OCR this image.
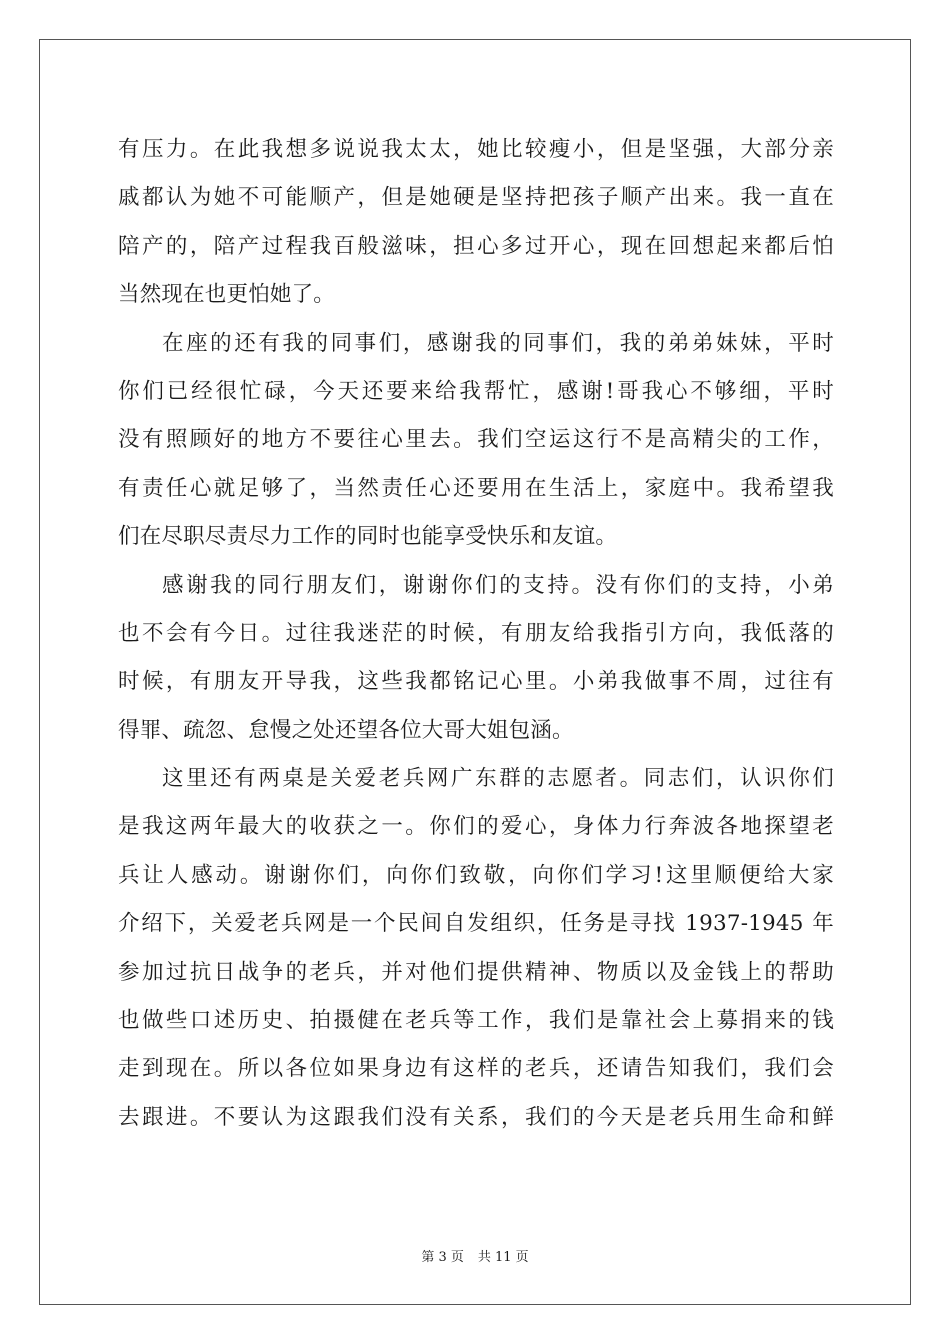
有压力。在此我想多说说我太太，她比较瘦小，但是坚强，大部分亲
戚都认为她不可能顺产，但是她硬是坚持把孩子顺产出来。我一直在
陪产的，陪产过程我百般滋味，担心多过开心，现在回想起来都后怕
当然现在也更怕她了。
在座的还有我的同事们，感谢我的同事们，我的弟弟妹妹，平时
你们已经很忙碌，今天还要来给我帮忙，感谢!哥我心不够细，平时
没有照顾好的地方不要往心里去。我们空运这行不是高精尖的工作，
有责任心就足够了，当然责任心还要用在生活上，家庭中。我希望我
们在尽职尽责尽力工作的同时也能享受快乐和友谊。
感谢我的同行朋友们，谢谢你们的支持。没有你们的支持，小弟
也不会有今日。过往我迷茫的时候，有朋友给我指引方向，我低落的
时候，有朋友开导我，这些我都铭记心里。小弟我做事不周，过往有
得罪、疏忽、怠慢之处还望各位大哥大姐包涵。
这里还有两桌是关爱老兵网广东群的志愿者。同志们，认识你们
是我这两年最大的收获之一。你们的爱心，身体力行奔波各地探望老
兵让人感动。谢谢你们，向你们致敬，向你们学习!这里顺便给大家
介绍下，关爱老兵网是一个民间自发组织，任务是寻找 1937-1945 年
参加过抗日战争的老兵，并对他们提供精神、物质以及金钱上的帮助
也做些口述历史、拍摄健在老兵等工作，我们是靠社会上募捐来的钱
走到现在。所以各位如果身边有这样的老兵，还请告知我们，我们会
去跟进。不要认为这跟我们没有关系，我们的今天是老兵用生命和鲜
第 3 页 共 11 页
